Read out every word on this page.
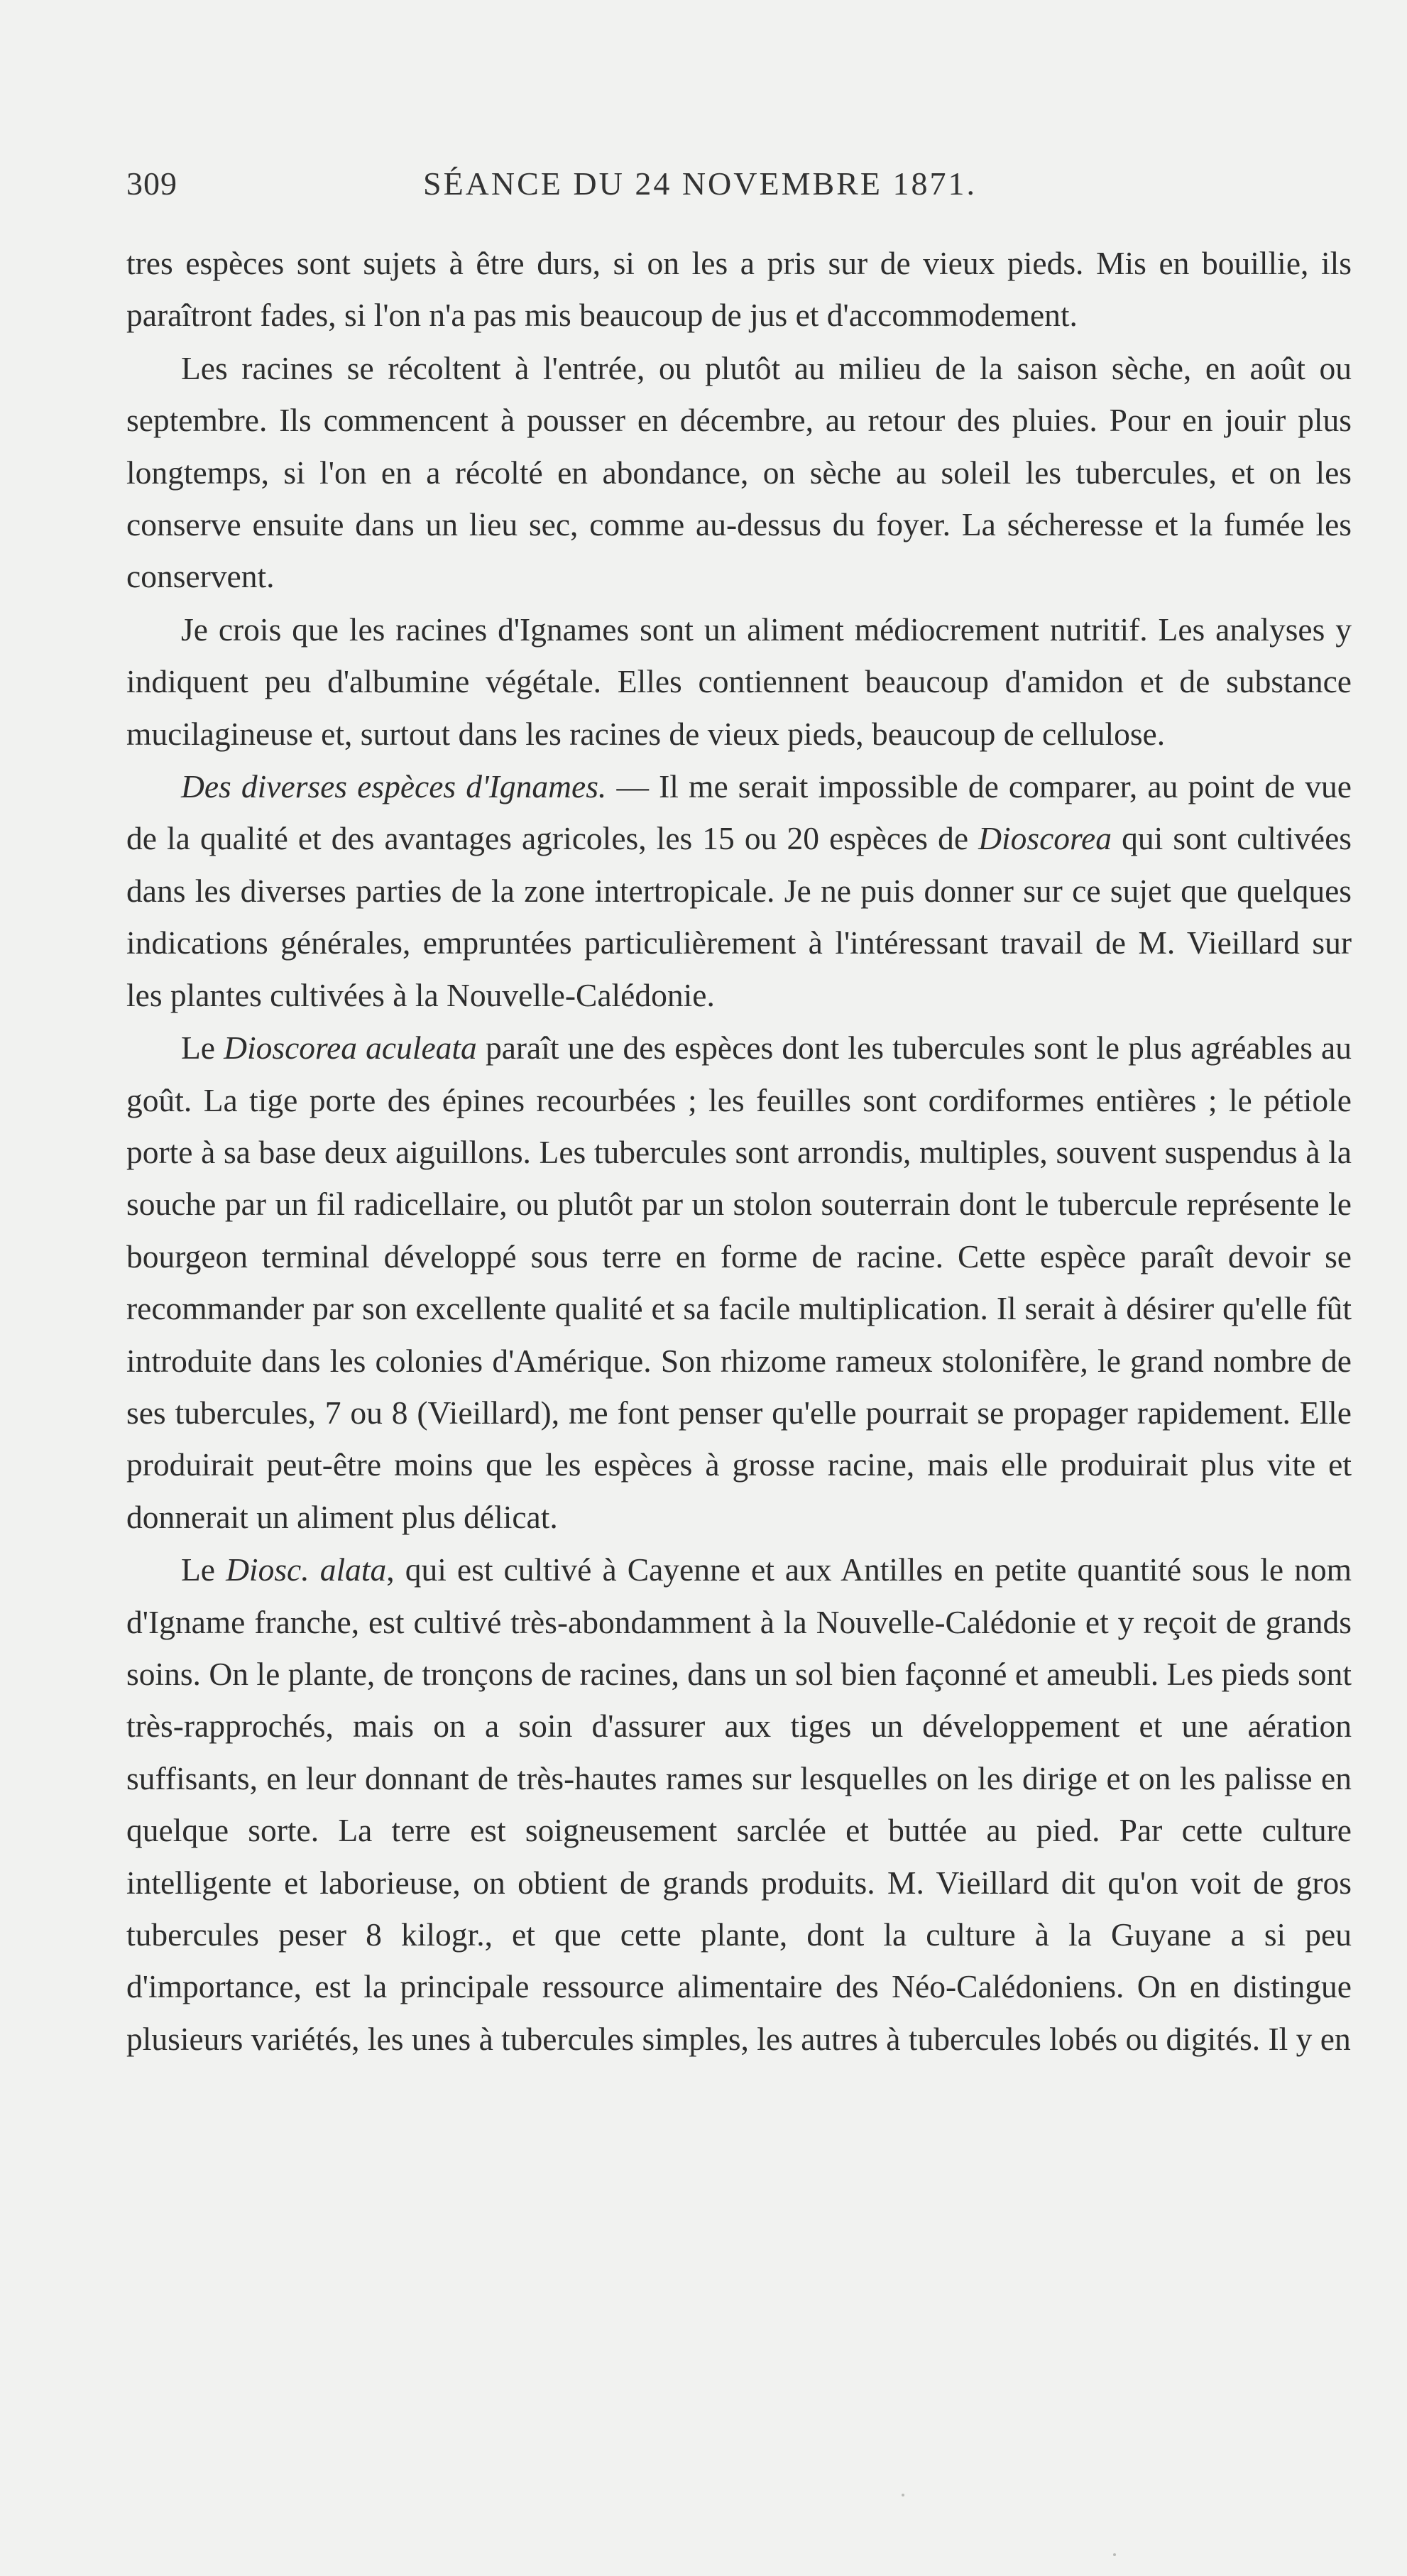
309	SÉANCE DU 24 NOVEMBRE 1871.

tres espèces sont sujets à être durs, si on les a pris sur de vieux pieds. Mis en bouillie, ils paraîtront fades, si l'on n'a pas mis beaucoup de jus et d'accommodement.

Les racines se récoltent à l'entrée, ou plutôt au milieu de la saison sèche, en août ou septembre. Ils commencent à pousser en décembre, au retour des pluies. Pour en jouir plus longtemps, si l'on en a récolté en abondance, on sèche au soleil les tubercules, et on les conserve ensuite dans un lieu sec, comme au-dessus du foyer. La sécheresse et la fumée les conservent.

Je crois que les racines d'Ignames sont un aliment médiocrement nutritif. Les analyses y indiquent peu d'albumine végétale. Elles contiennent beaucoup d'amidon et de substance mucilagineuse et, surtout dans les racines de vieux pieds, beaucoup de cellulose.

Des diverses espèces d'Ignames. — Il me serait impossible de comparer, au point de vue de la qualité et des avantages agricoles, les 15 ou 20 espèces de Dioscorea qui sont cultivées dans les diverses parties de la zone intertropicale. Je ne puis donner sur ce sujet que quelques indications générales, empruntées particulièrement à l'intéressant travail de M. Vieillard sur les plantes cultivées à la Nouvelle-Calédonie.

Le Dioscorea aculeata paraît une des espèces dont les tubercules sont le plus agréables au goût. La tige porte des épines recourbées ; les feuilles sont cordiformes entières ; le pétiole porte à sa base deux aiguillons. Les tubercules sont arrondis, multiples, souvent suspendus à la souche par un fil radicellaire, ou plutôt par un stolon souterrain dont le tubercule représente le bourgeon terminal développé sous terre en forme de racine. Cette espèce paraît devoir se recommander par son excellente qualité et sa facile multiplication. Il serait à désirer qu'elle fût introduite dans les colonies d'Amérique. Son rhizome rameux stolonifère, le grand nombre de ses tubercules, 7 ou 8 (Vieillard), me font penser qu'elle pourrait se propager rapidement. Elle produirait peut-être moins que les espèces à grosse racine, mais elle produirait plus vite et donnerait un aliment plus délicat.

Le Diosc. alata, qui est cultivé à Cayenne et aux Antilles en petite quantité sous le nom d'Igname franche, est cultivé très-abondamment à la Nouvelle-Calédonie et y reçoit de grands soins. On le plante, de tronçons de racines, dans un sol bien façonné et ameubli. Les pieds sont très-rapprochés, mais on a soin d'assurer aux tiges un développement et une aération suffisants, en leur donnant de très-hautes rames sur lesquelles on les dirige et on les palisse en quelque sorte. La terre est soigneusement sarclée et buttée au pied. Par cette culture intelligente et laborieuse, on obtient de grands produits. M. Vieillard dit qu'on voit de gros tubercules peser 8 kilogr., et que cette plante, dont la culture à la Guyane a si peu d'importance, est la principale ressource alimentaire des Néo-Calédoniens. On en distingue plusieurs variétés, les unes à tubercules simples, les autres à tubercules lobés ou digités. Il y en
